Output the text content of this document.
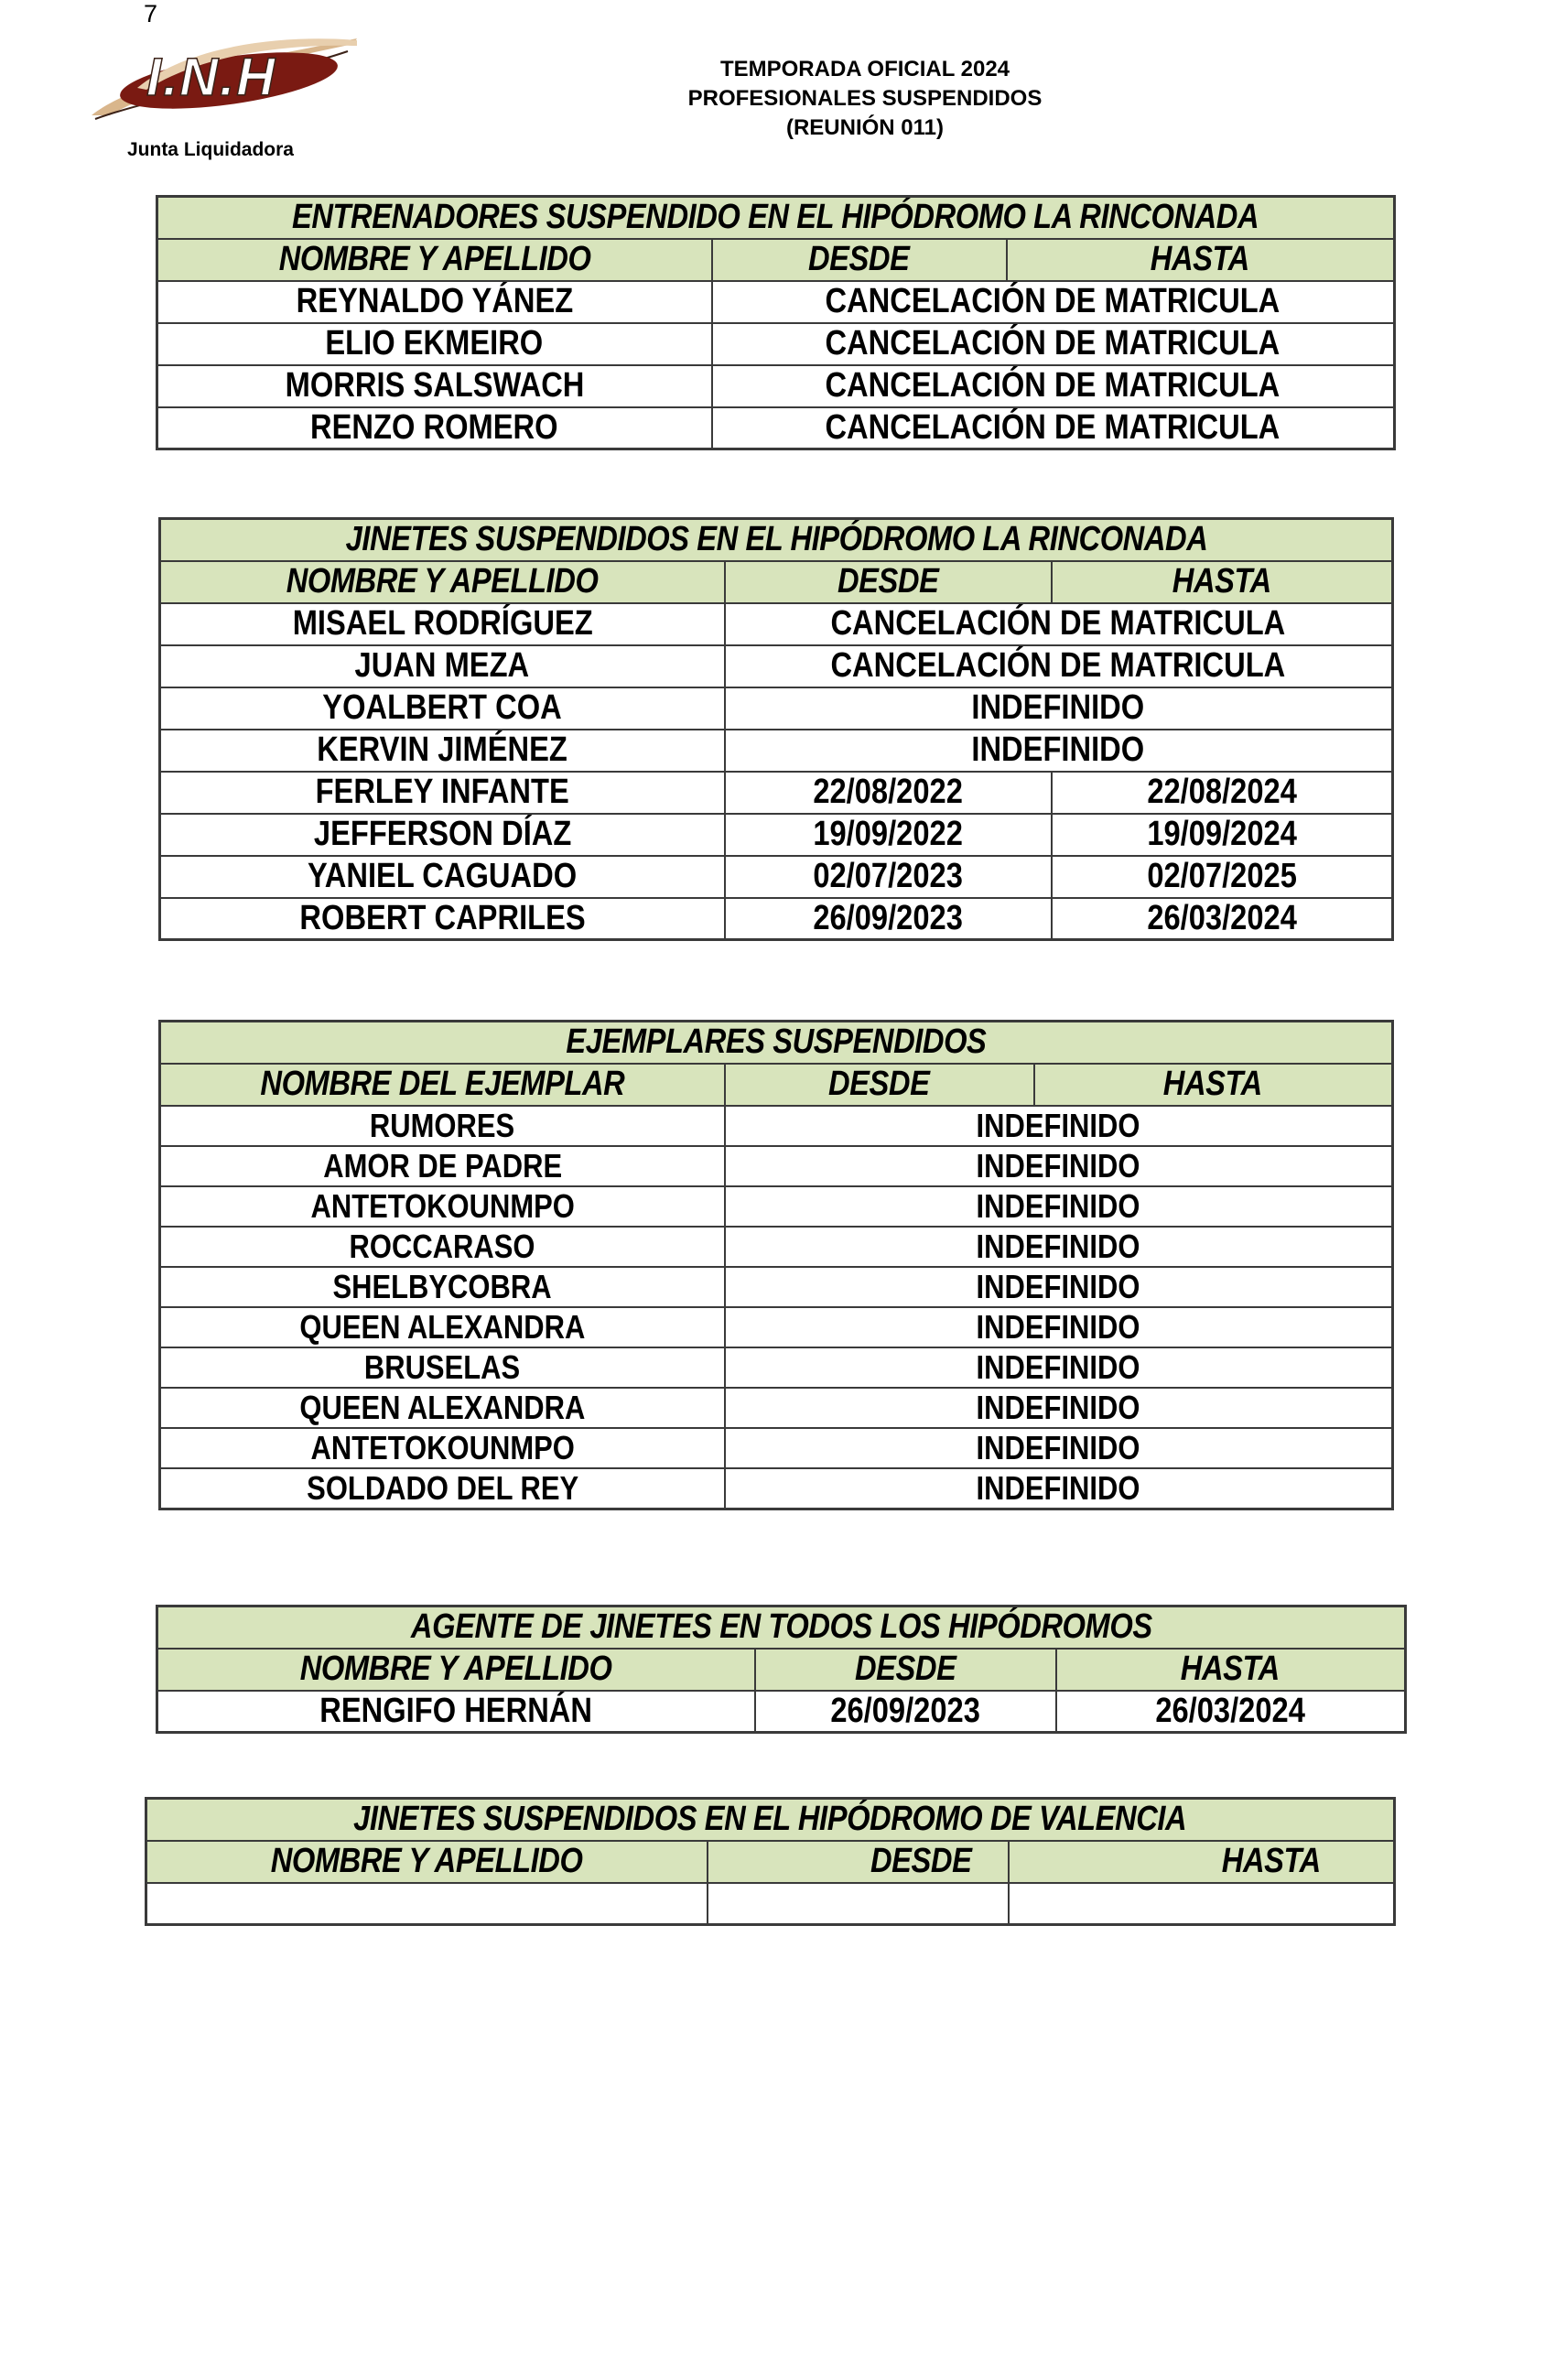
7
I.N.H
Junta Liquidadora
TEMPORADA OFICIAL 2024
PROFESIONALES SUSPENDIDOS
(REUNIÓN 011)
ENTRENADORES SUSPENDIDO EN EL HIPÓDROMO LA RINCONADA		
NOMBRE Y APELLIDO	DESDE	HASTA
REYNALDO YÁNEZ	CANCELACIÓN DE MATRICULA	
ELIO EKMEIRO	CANCELACIÓN DE MATRICULA	
MORRIS SALSWACH	CANCELACIÓN DE MATRICULA	
RENZO ROMERO	CANCELACIÓN DE MATRICULA	
JINETES SUSPENDIDOS EN EL HIPÓDROMO LA RINCONADA		
NOMBRE Y APELLIDO	DESDE	HASTA
MISAEL RODRÍGUEZ	CANCELACIÓN DE MATRICULA	
JUAN MEZA	CANCELACIÓN DE MATRICULA	
YOALBERT COA	INDEFINIDO	
KERVIN JIMÉNEZ	INDEFINIDO	
FERLEY INFANTE	22/08/2022	22/08/2024
JEFFERSON DÍAZ	19/09/2022	19/09/2024
YANIEL CAGUADO	02/07/2023	02/07/2025
ROBERT CAPRILES	26/09/2023	26/03/2024
EJEMPLARES SUSPENDIDOS		
NOMBRE DEL EJEMPLAR	DESDE	HASTA
RUMORES	INDEFINIDO	
AMOR DE PADRE	INDEFINIDO	
ANTETOKOUNMPO	INDEFINIDO	
ROCCARASO	INDEFINIDO	
SHELBYCOBRA	INDEFINIDO	
QUEEN ALEXANDRA	INDEFINIDO	
BRUSELAS	INDEFINIDO	
QUEEN ALEXANDRA	INDEFINIDO	
ANTETOKOUNMPO	INDEFINIDO	
SOLDADO DEL REY	INDEFINIDO	
AGENTE DE JINETES EN TODOS LOS HIPÓDROMOS		
NOMBRE Y APELLIDO	DESDE	HASTA
RENGIFO HERNÁN	26/09/2023	26/03/2024
JINETES SUSPENDIDOS EN EL HIPÓDROMO DE VALENCIA		
NOMBRE Y APELLIDO	DESDE	HASTA
